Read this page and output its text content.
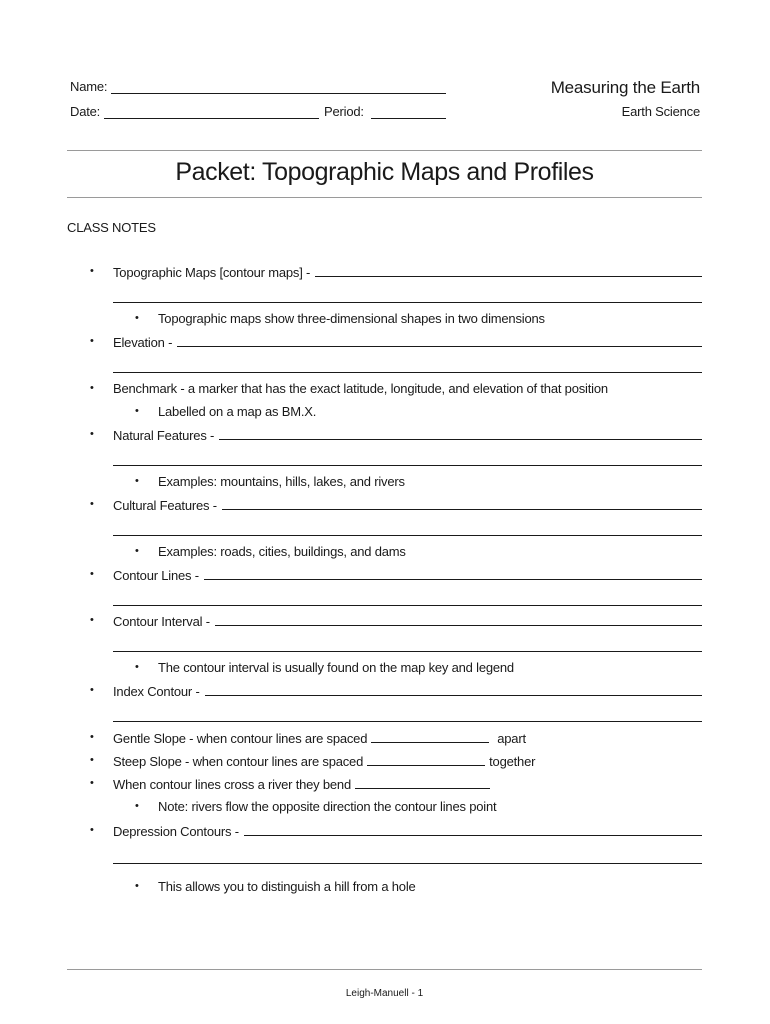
Name:
Date:	Period:
Measuring the Earth
Earth Science
Packet: Topographic Maps and Profiles
CLASS NOTES
• Topographic Maps [contour maps] -
• Topographic maps show three-dimensional shapes in two dimensions
• Elevation -
• Benchmark - a marker that has the exact latitude, longitude, and elevation of that position
• Labelled on a map as BM.X.
• Natural Features -
• Examples: mountains, hills, lakes, and rivers
• Cultural Features -
• Examples: roads, cities, buildings, and dams
• Contour Lines -
• Contour Interval -
• The contour interval is usually found on the map key and legend
• Index Contour -
• Gentle Slope - when contour lines are spaced	apart
• Steep Slope - when contour lines are spaced	together
• When contour lines cross a river they bend
• Note: rivers flow the opposite direction the contour lines point
• Depression Contours -
• This allows you to distinguish a hill from a hole
Leigh-Manuell - 1
